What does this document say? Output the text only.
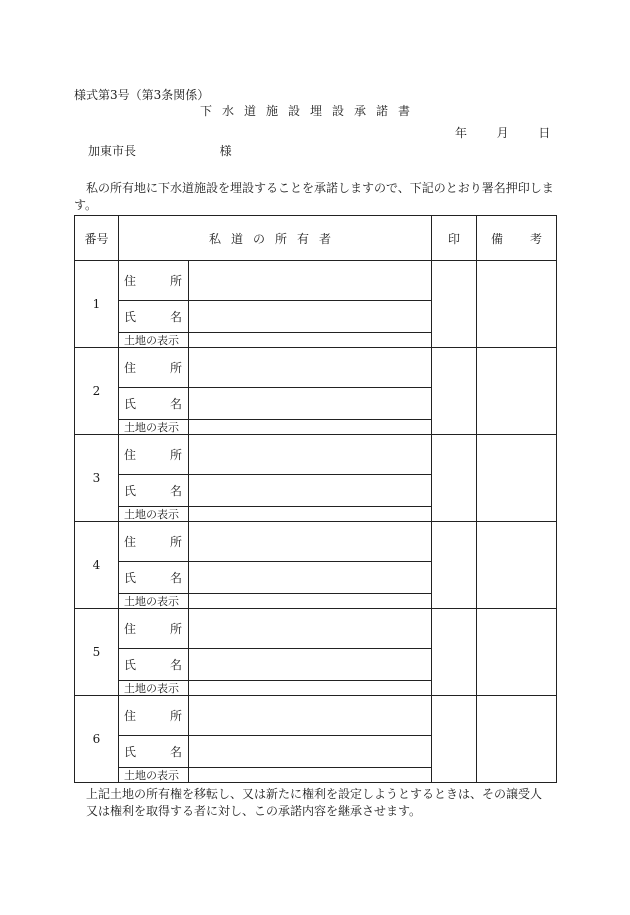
様式第3号（第3条関係）
下水道施設埋設承諾書
年 月 日
加東市長	様
私の所有地に下水道施設を埋設することを承諾しますので、下記のとおり署名押印しま
す。
番号	私道の所有者		印	備 考

1	住 所			

	氏 名			

	土地の表示			
2	住 所			

	氏 名			

	土地の表示			
3	住 所			

	氏 名			

	土地の表示			
4	住 所			

	氏 名			

	土地の表示			
5	住 所			

	氏 名			

	土地の表示			
6	住 所			

	氏 名			

	土地の表示			
上記土地の所有権を移転し、又は新たに権利を設定しようとするときは、その譲受人
又は権利を取得する者に対し、この承諾内容を継承させます。
